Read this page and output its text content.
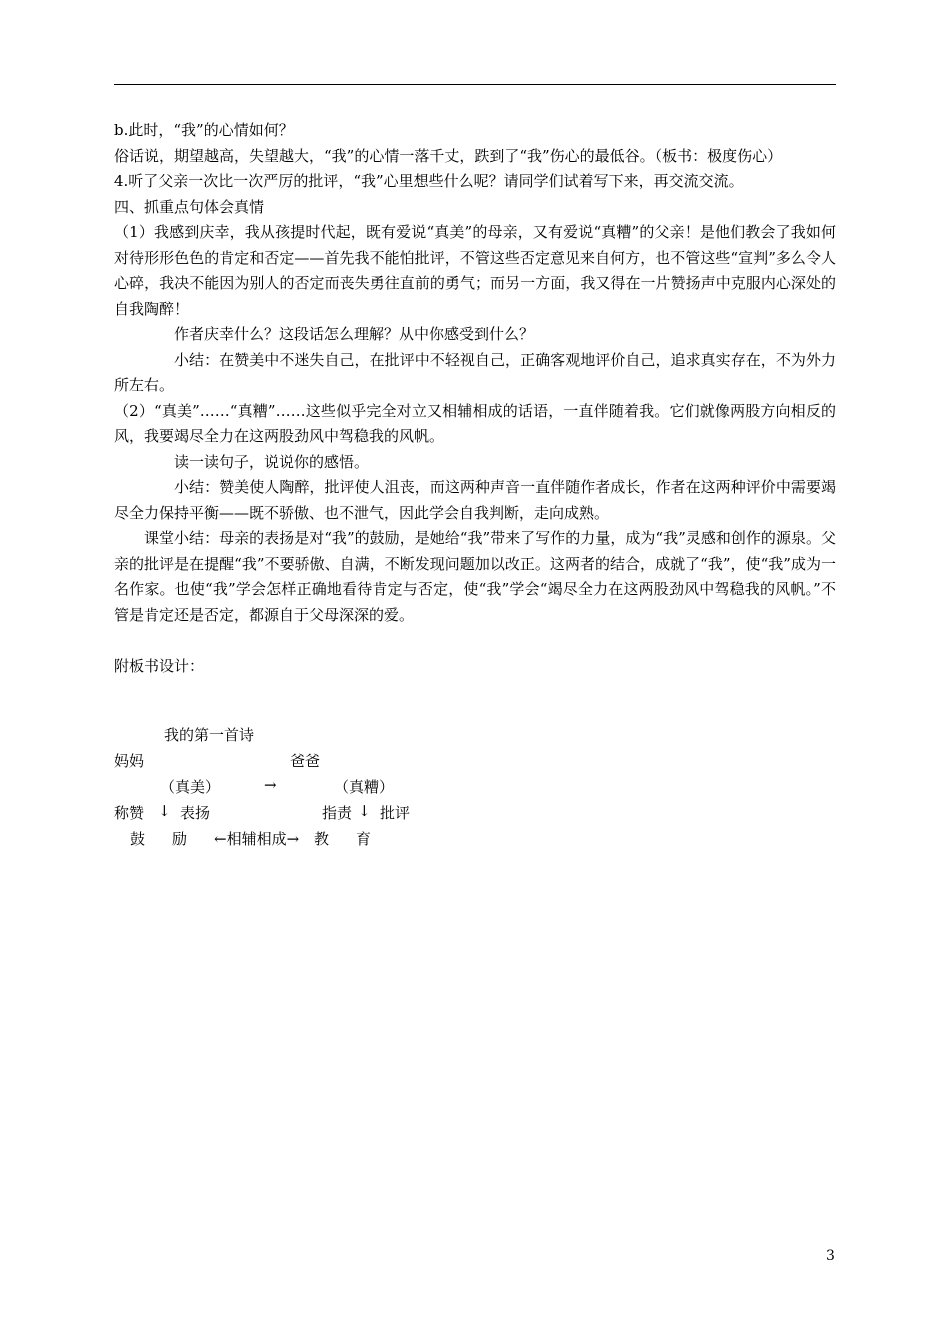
b.此时，“我”的心情如何？

俗话说，期望越高，失望越大，“我”的心情一落千丈，跌到了“我”伤心的最低谷。（板书：极度伤心）

4.听了父亲一次比一次严厉的批评，“我”心里想些什么呢？请同学们试着写下来，再交流交流。

四、抓重点句体会真情

（1）我感到庆幸，我从孩提时代起，既有爱说“真美”的母亲，又有爱说“真糟”的父亲！是他们教会了我如何对待形形色色的肯定和否定——首先我不能怕批评，不管这些否定意见来自何方，也不管这些“宣判”多么令人心碎，我决不能因为别人的否定而丧失勇往直前的勇气；而另一方面，我又得在一片赞扬声中克服内心深处的自我陶醉！

作者庆幸什么？这段话怎么理解？从中你感受到什么？

小结：在赞美中不迷失自己，在批评中不轻视自己，正确客观地评价自己，追求真实存在，不为外力所左右。

（2）“真美”……“真糟”……这些似乎完全对立又相辅相成的话语，一直伴随着我。它们就像两股方向相反的风，我要竭尽全力在这两股劲风中驾稳我的风帆。

读一读句子，说说你的感悟。

小结：赞美使人陶醉，批评使人沮丧，而这两种声音一直伴随作者成长，作者在这两种评价中需要竭尽全力保持平衡——既不骄傲、也不泄气，因此学会自我判断，走向成熟。

课堂小结：母亲的表扬是对“我”的鼓励，是她给“我”带来了写作的力量，成为“我”灵感和创作的源泉。父亲的批评是在提醒“我”不要骄傲、自满，不断发现问题加以改正。这两者的结合，成就了“我”，使“我”成为一名作家。也使“我”学会怎样正确地看待肯定与否定，使“我”学会“竭尽全力在这两股劲风中驾稳我的风帆。”不管是肯定还是否定，都源自于父母深深的爱。

附板书设计：

我的第一首诗
妈妈	爸爸
（真美）	→	（真糟）
称赞 ↓ 表扬	指责 ↓ 批评
鼓 励 ←相辅相成→ 教 育
3
